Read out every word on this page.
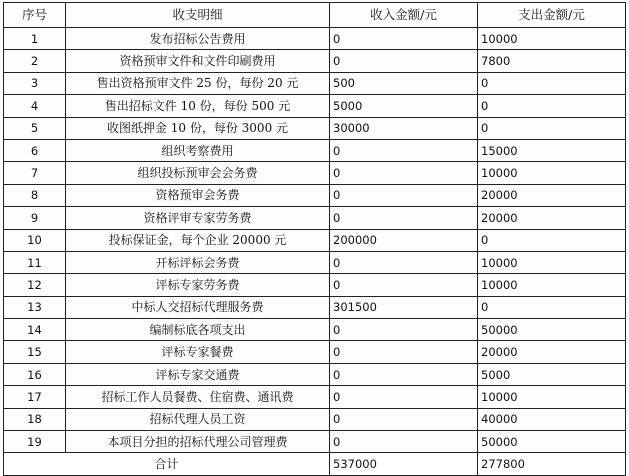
序号	收支明细	收入金额/元	支出金额/元
1	发布招标公告费用	0	10000
2	资格预审文件和文件印刷费用	0	7800
3	售出资格预审文件 25 份，每份 20 元	500	0
4	售出招标文件 10 份，每份 500 元	5000	0
5	收图纸押金 10 份，每份 3000 元	30000	0
6	组织考察费用	0	15000
7	组织投标预审会会务费	0	10000
8	资格预审会务费	0	20000
9	资格评审专家劳务费	0	20000
10	投标保证金，每个企业 20000 元	200000	0
11	开标评标会务费	0	10000
12	评标专家劳务费	0	10000
13	中标人交招标代理服务费	301500	0
14	编制标底各项支出	0	50000
15	评标专家餐费	0	20000
16	评标专家交通费	0	5000
17	招标工作人员餐费、住宿费、通讯费	0	10000
18	招标代理人员工资	0	40000
19	本项目分担的招标代理公司管理费	0	50000
合计		537000	277800
